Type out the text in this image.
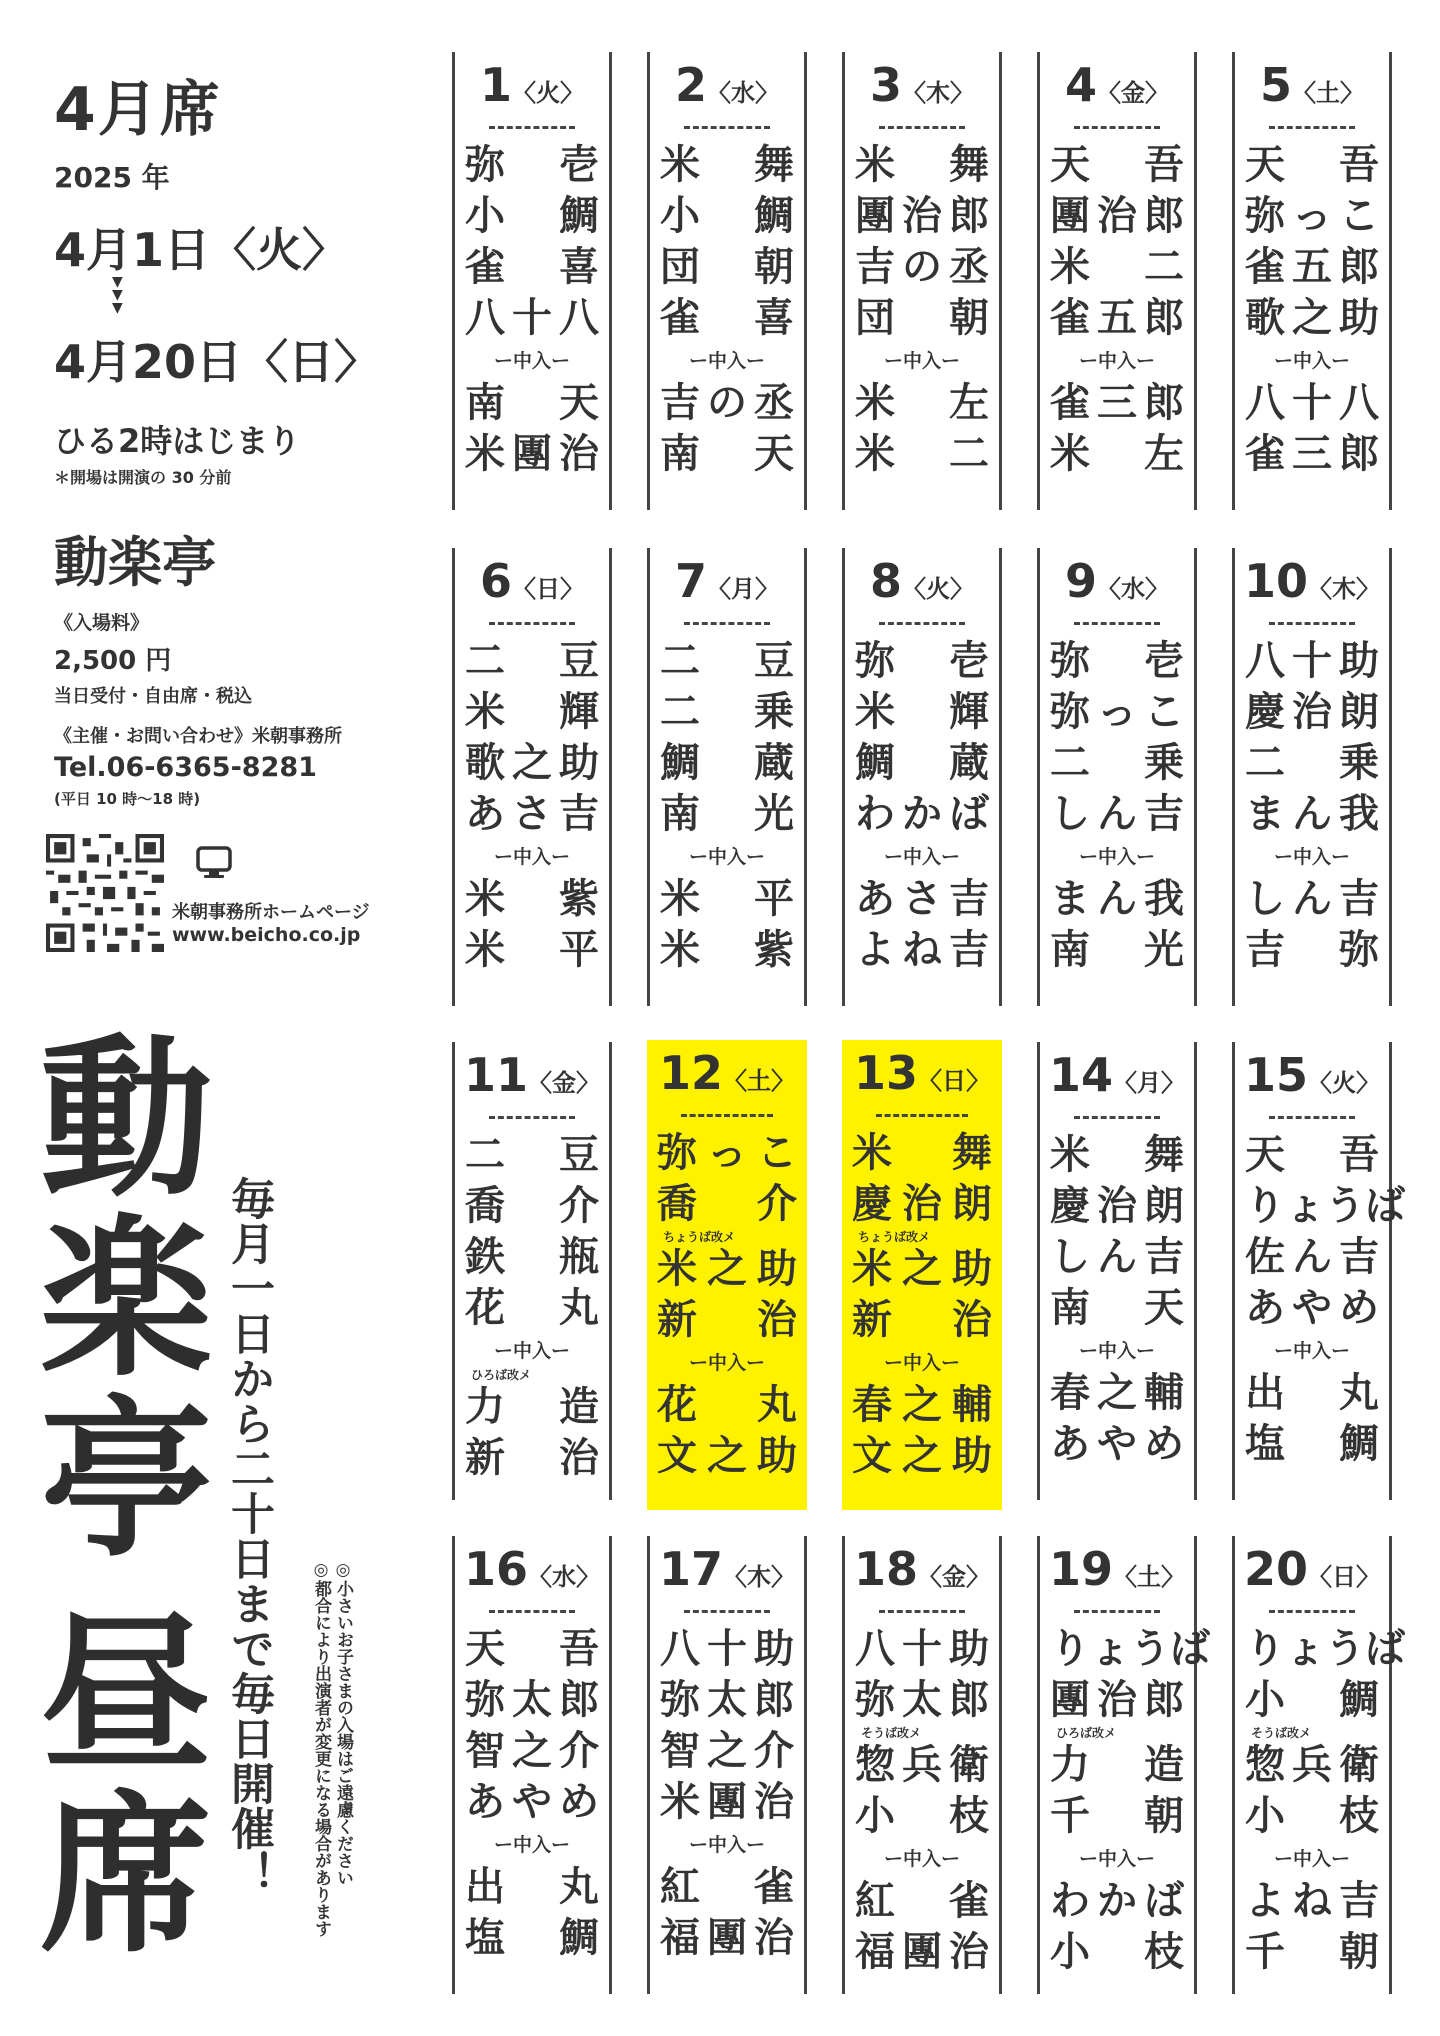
4月席
2025 年
4月1日〈火〉
▼
▼
▼
4月20日〈日〉
ひる2時はじまり
＊開場は開演の 30 分前
動楽亭
《入場料》
2,500 円
当日受付・自由席・税込
《主催・お問い合わせ》米朝事務所
Tel.06-6365-8281
(平日 10 時〜18 時)
米朝事務所ホームページ
www.beicho.co.jp
動
楽
亭
昼
席 毎月一日から二十日まで毎日開催！	◎小さいお子さまの入場はご遠慮ください
◎都合により出演者が変更になる場合があります
1〈火〉
弥　壱
小　鯛
雀　喜
八十八
ー中入ー
南　天
米團治
2〈水〉
米　舞
小　鯛
団　朝
雀　喜
ー中入ー
吉の丞
南　天
3〈木〉
米　舞
團治郎
吉の丞
団　朝
ー中入ー
米　左
米　二
4〈金〉
天　吾
團治郎
米　二
雀五郎
ー中入ー
雀三郎
米　左
5〈土〉
天　吾
弥っこ
雀五郎
歌之助
ー中入ー
八十八
雀三郎
6〈日〉
二　豆
米　輝
歌之助
あさ吉
ー中入ー
米　紫
米　平
7〈月〉
二　豆
二　乗
鯛　蔵
南　光
ー中入ー
米　平
米　紫
8〈火〉
弥　壱
米　輝
鯛　蔵
わかば
ー中入ー
あさ吉
よね吉
9〈水〉
弥　壱
弥っこ
二　乗
しん吉
ー中入ー
まん我
南　光
10〈木〉
八十助
慶治朗
二　乗
まん我
ー中入ー
しん吉
吉　弥
11〈金〉
二　豆
喬　介
鉄　瓶
花　丸
ー中入ー
ひろば改メ
力　造
新　治
12〈土〉
弥っこ
喬　介
ちょうば改メ
米之助
新　治
ー中入ー
花　丸
文之助
13〈日〉
米　舞
慶治朗
ちょうば改メ
米之助
新　治
ー中入ー
春之輔
文之助
14〈月〉
米　舞
慶治朗
しん吉
南　天
ー中入ー
春之輔
あやめ
15〈火〉
天　吾
りょうば
佐ん吉
あやめ
ー中入ー
出　丸
塩　鯛
16〈水〉
天　吾
弥太郎
智之介
あやめ
ー中入ー
出　丸
塩　鯛
17〈木〉
八十助
弥太郎
智之介
米團治
ー中入ー
紅　雀
福團治
18〈金〉
八十助
弥太郎
そうば改メ
惣兵衛
小　枝
ー中入ー
紅　雀
福團治
19〈土〉
りょうば
團治郎
ひろば改メ
力　造
千　朝
ー中入ー
わかば
小　枝
20〈日〉
りょうば
小　鯛
そうば改メ
惣兵衛
小　枝
ー中入ー
よね吉
千　朝
